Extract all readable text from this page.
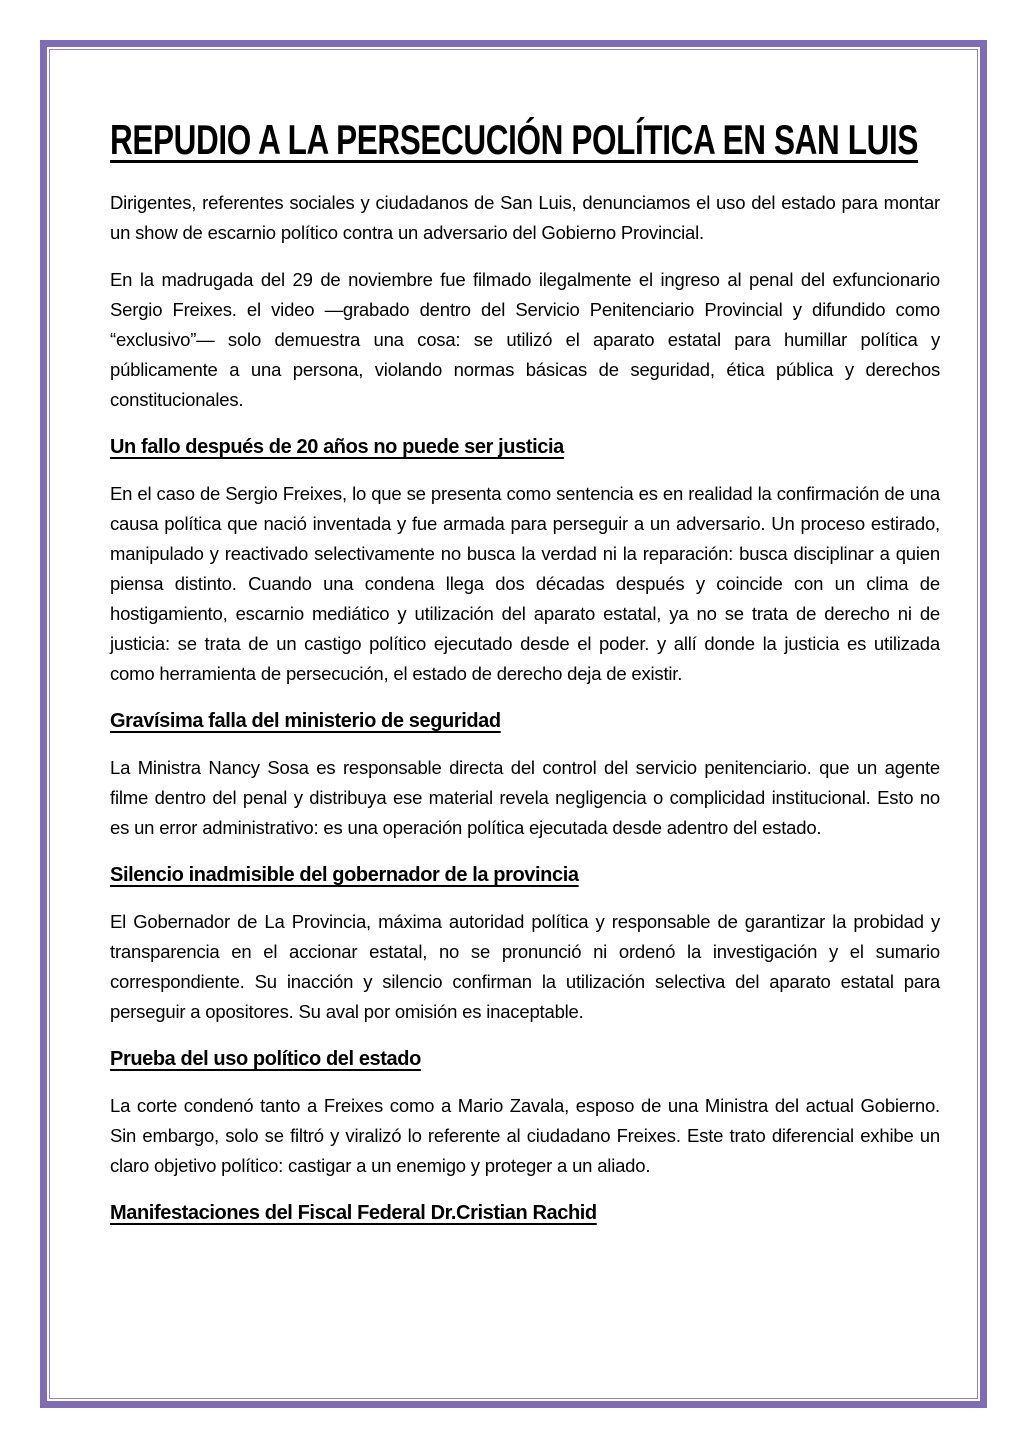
REPUDIO A LA PERSECUCIÓN POLÍTICA EN SAN LUIS

Dirigentes, referentes sociales y ciudadanos de San Luis, denunciamos el uso del estado para montar un show de escarnio político contra un adversario del Gobierno Provincial.

En la madrugada del 29 de noviembre fue filmado ilegalmente el ingreso al penal del exfuncionario Sergio Freixes. el video —grabado dentro del Servicio Penitenciario Provincial y difundido como “exclusivo”— solo demuestra una cosa: se utilizó el aparato estatal para humillar política y públicamente a una persona, violando normas básicas de seguridad, ética pública y derechos constitucionales.

Un fallo después de 20 años no puede ser justicia

En el caso de Sergio Freixes, lo que se presenta como sentencia es en realidad la confirmación de una causa política que nació inventada y fue armada para perseguir a un adversario. Un proceso estirado, manipulado y reactivado selectivamente no busca la verdad ni la reparación: busca disciplinar a quien piensa distinto. Cuando una condena llega dos décadas después y coincide con un clima de hostigamiento, escarnio mediático y utilización del aparato estatal, ya no se trata de derecho ni de justicia: se trata de un castigo político ejecutado desde el poder. y allí donde la justicia es utilizada como herramienta de persecución, el estado de derecho deja de existir.

Gravísima falla del ministerio de seguridad

La Ministra Nancy Sosa es responsable directa del control del servicio penitenciario. que un agente filme dentro del penal y distribuya ese material revela negligencia o complicidad institucional. Esto no es un error administrativo: es una operación política ejecutada desde adentro del estado.

Silencio inadmisible del gobernador de la provincia

El Gobernador de La Provincia, máxima autoridad política y responsable de garantizar la probidad y transparencia en el accionar estatal, no se pronunció ni ordenó la investigación y el sumario correspondiente. Su inacción y silencio confirman la utilización selectiva del aparato estatal para perseguir a opositores. Su aval por omisión es inaceptable.

Prueba del uso político del estado

La corte condenó tanto a Freixes como a Mario Zavala, esposo de una Ministra del actual Gobierno. Sin embargo, solo se filtró y viralizó lo referente al ciudadano Freixes. Este trato diferencial exhibe un claro objetivo político: castigar a un enemigo y proteger a un aliado.

Manifestaciones del Fiscal Federal Dr.Cristian Rachid
